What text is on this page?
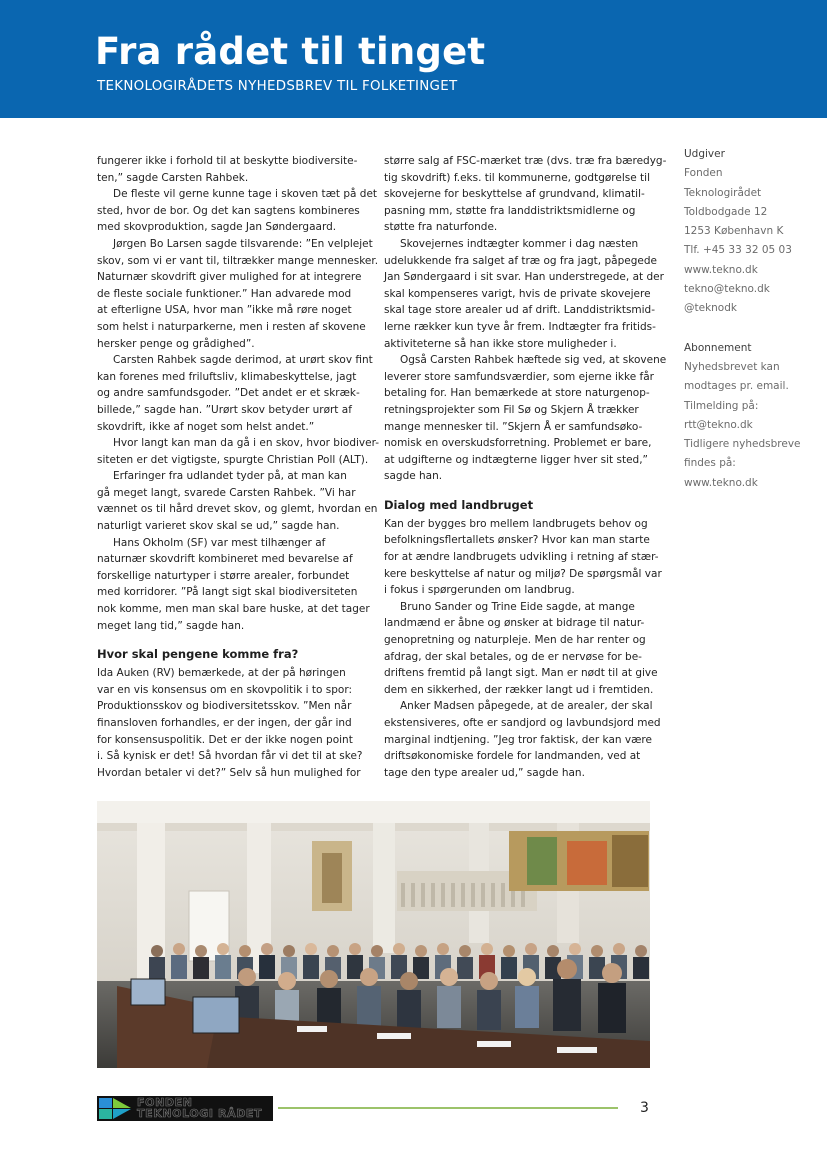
Fra rådet til tinget
TEKNOLOGIRÅDETS NYHEDSBREV TIL FOLKETINGET
fungerer ikke i forhold til at beskytte biodiversite-
ten,” sagde Carsten Rahbek.
De fleste vil gerne kunne tage i skoven tæt på det
sted, hvor de bor. Og det kan sagtens kombineres
med skovproduktion, sagde Jan Søndergaard.
Jørgen Bo Larsen sagde tilsvarende: ”En velplejet
skov, som vi er vant til, tiltrækker mange mennesker.
Naturnær skovdrift giver mulighed for at integrere
de fleste sociale funktioner.” Han advarede mod
at efterligne USA, hvor man ”ikke må røre noget
som helst i naturparkerne, men i resten af skovene
hersker penge og grådighed”.
Carsten Rahbek sagde derimod, at urørt skov fint
kan forenes med friluftsliv, klimabeskyttelse, jagt
og andre samfundsgoder. ”Det andet er et skræk-
billede,” sagde han. ”Urørt skov betyder urørt af
skovdrift, ikke af noget som helst andet.”
Hvor langt kan man da gå i en skov, hvor biodiver-
siteten er det vigtigste, spurgte Christian Poll (ALT).
Erfaringer fra udlandet tyder på, at man kan
gå meget langt, svarede Carsten Rahbek. ”Vi har
vænnet os til hård drevet skov, og glemt, hvordan en
naturligt varieret skov skal se ud,” sagde han.
Hans Okholm (SF) var mest tilhænger af
naturnær skovdrift kombineret med bevarelse af
forskellige naturtyper i større arealer, forbundet
med korridorer. ”På langt sigt skal biodiversiteten
nok komme, men man skal bare huske, at det tager
meget lang tid,” sagde han.
Hvor skal pengene komme fra?
Ida Auken (RV) bemærkede, at der på høringen
var en vis konsensus om en skovpolitik i to spor:
Produktionsskov og biodiversitetsskov. ”Men når
finansloven forhandles, er der ingen, der går ind
for konsensuspolitik. Det er der ikke nogen point
i. Så kynisk er det! Så hvordan får vi det til at ske?
Hvordan betaler vi det?” Selv så hun mulighed for
større salg af FSC-mærket træ (dvs. træ fra bæredyg-
tig skovdrift) f.eks. til kommunerne, godtgørelse til
skovejerne for beskyttelse af grundvand, klimatil-
pasning mm, støtte fra landdistriktsmidlerne og
støtte fra naturfonde.
Skovejernes indtægter kommer i dag næsten
udelukkende fra salget af træ og fra jagt, påpegede
Jan Søndergaard i sit svar. Han understregede, at der
skal kompenseres varigt, hvis de private skovejere
skal tage store arealer ud af drift. Landdistriktsmid-
lerne rækker kun tyve år frem. Indtægter fra fritids-
aktiviteterne så han ikke store muligheder i.
Også Carsten Rahbek hæftede sig ved, at skovene
leverer store samfundsværdier, som ejerne ikke får
betaling for. Han bemærkede at store naturgenop-
retningsprojekter som Fil Sø og Skjern Å trækker
mange mennesker til. ”Skjern Å er samfundsøko-
nomisk en overskudsforretning. Problemet er bare,
at udgifterne og indtægterne ligger hver sit sted,”
sagde han.
Dialog med landbruget
Kan der bygges bro mellem landbrugets behov og
befolkningsflertallets ønsker? Hvor kan man starte
for at ændre landbrugets udvikling i retning af stær-
kere beskyttelse af natur og miljø? De spørgsmål var
i fokus i spørgerunden om landbrug.
Bruno Sander og Trine Eide sagde, at mange
landmænd er åbne og ønsker at bidrage til natur-
genopretning og naturpleje. Men de har renter og
afdrag, der skal betales, og de er nervøse for be-
driftens fremtid på langt sigt. Man er nødt til at give
dem en sikkerhed, der rækker langt ud i fremtiden.
Anker Madsen påpegede, at de arealer, der skal
ekstensiveres, ofte er sandjord og lavbundsjord med
marginal indtjening. ”Jeg tror faktisk, der kan være
driftsøkonomiske fordele for landmanden, ved at
tage den type arealer ud,” sagde han.
Udgiver
Fonden
Teknologirådet
Toldbodgade 12
1253 København K
Tlf. +45 33 32 05 03
www.tekno.dk
tekno@tekno.dk
@teknodk
Abonnement
Nyhedsbrevet kan
modtages pr. email.
Tilmelding på:
rtt@tekno.dk
Tidligere nyhedsbreve
findes på:
www.tekno.dk
FONDEN
TEKNOLOGI RÅDET	3
